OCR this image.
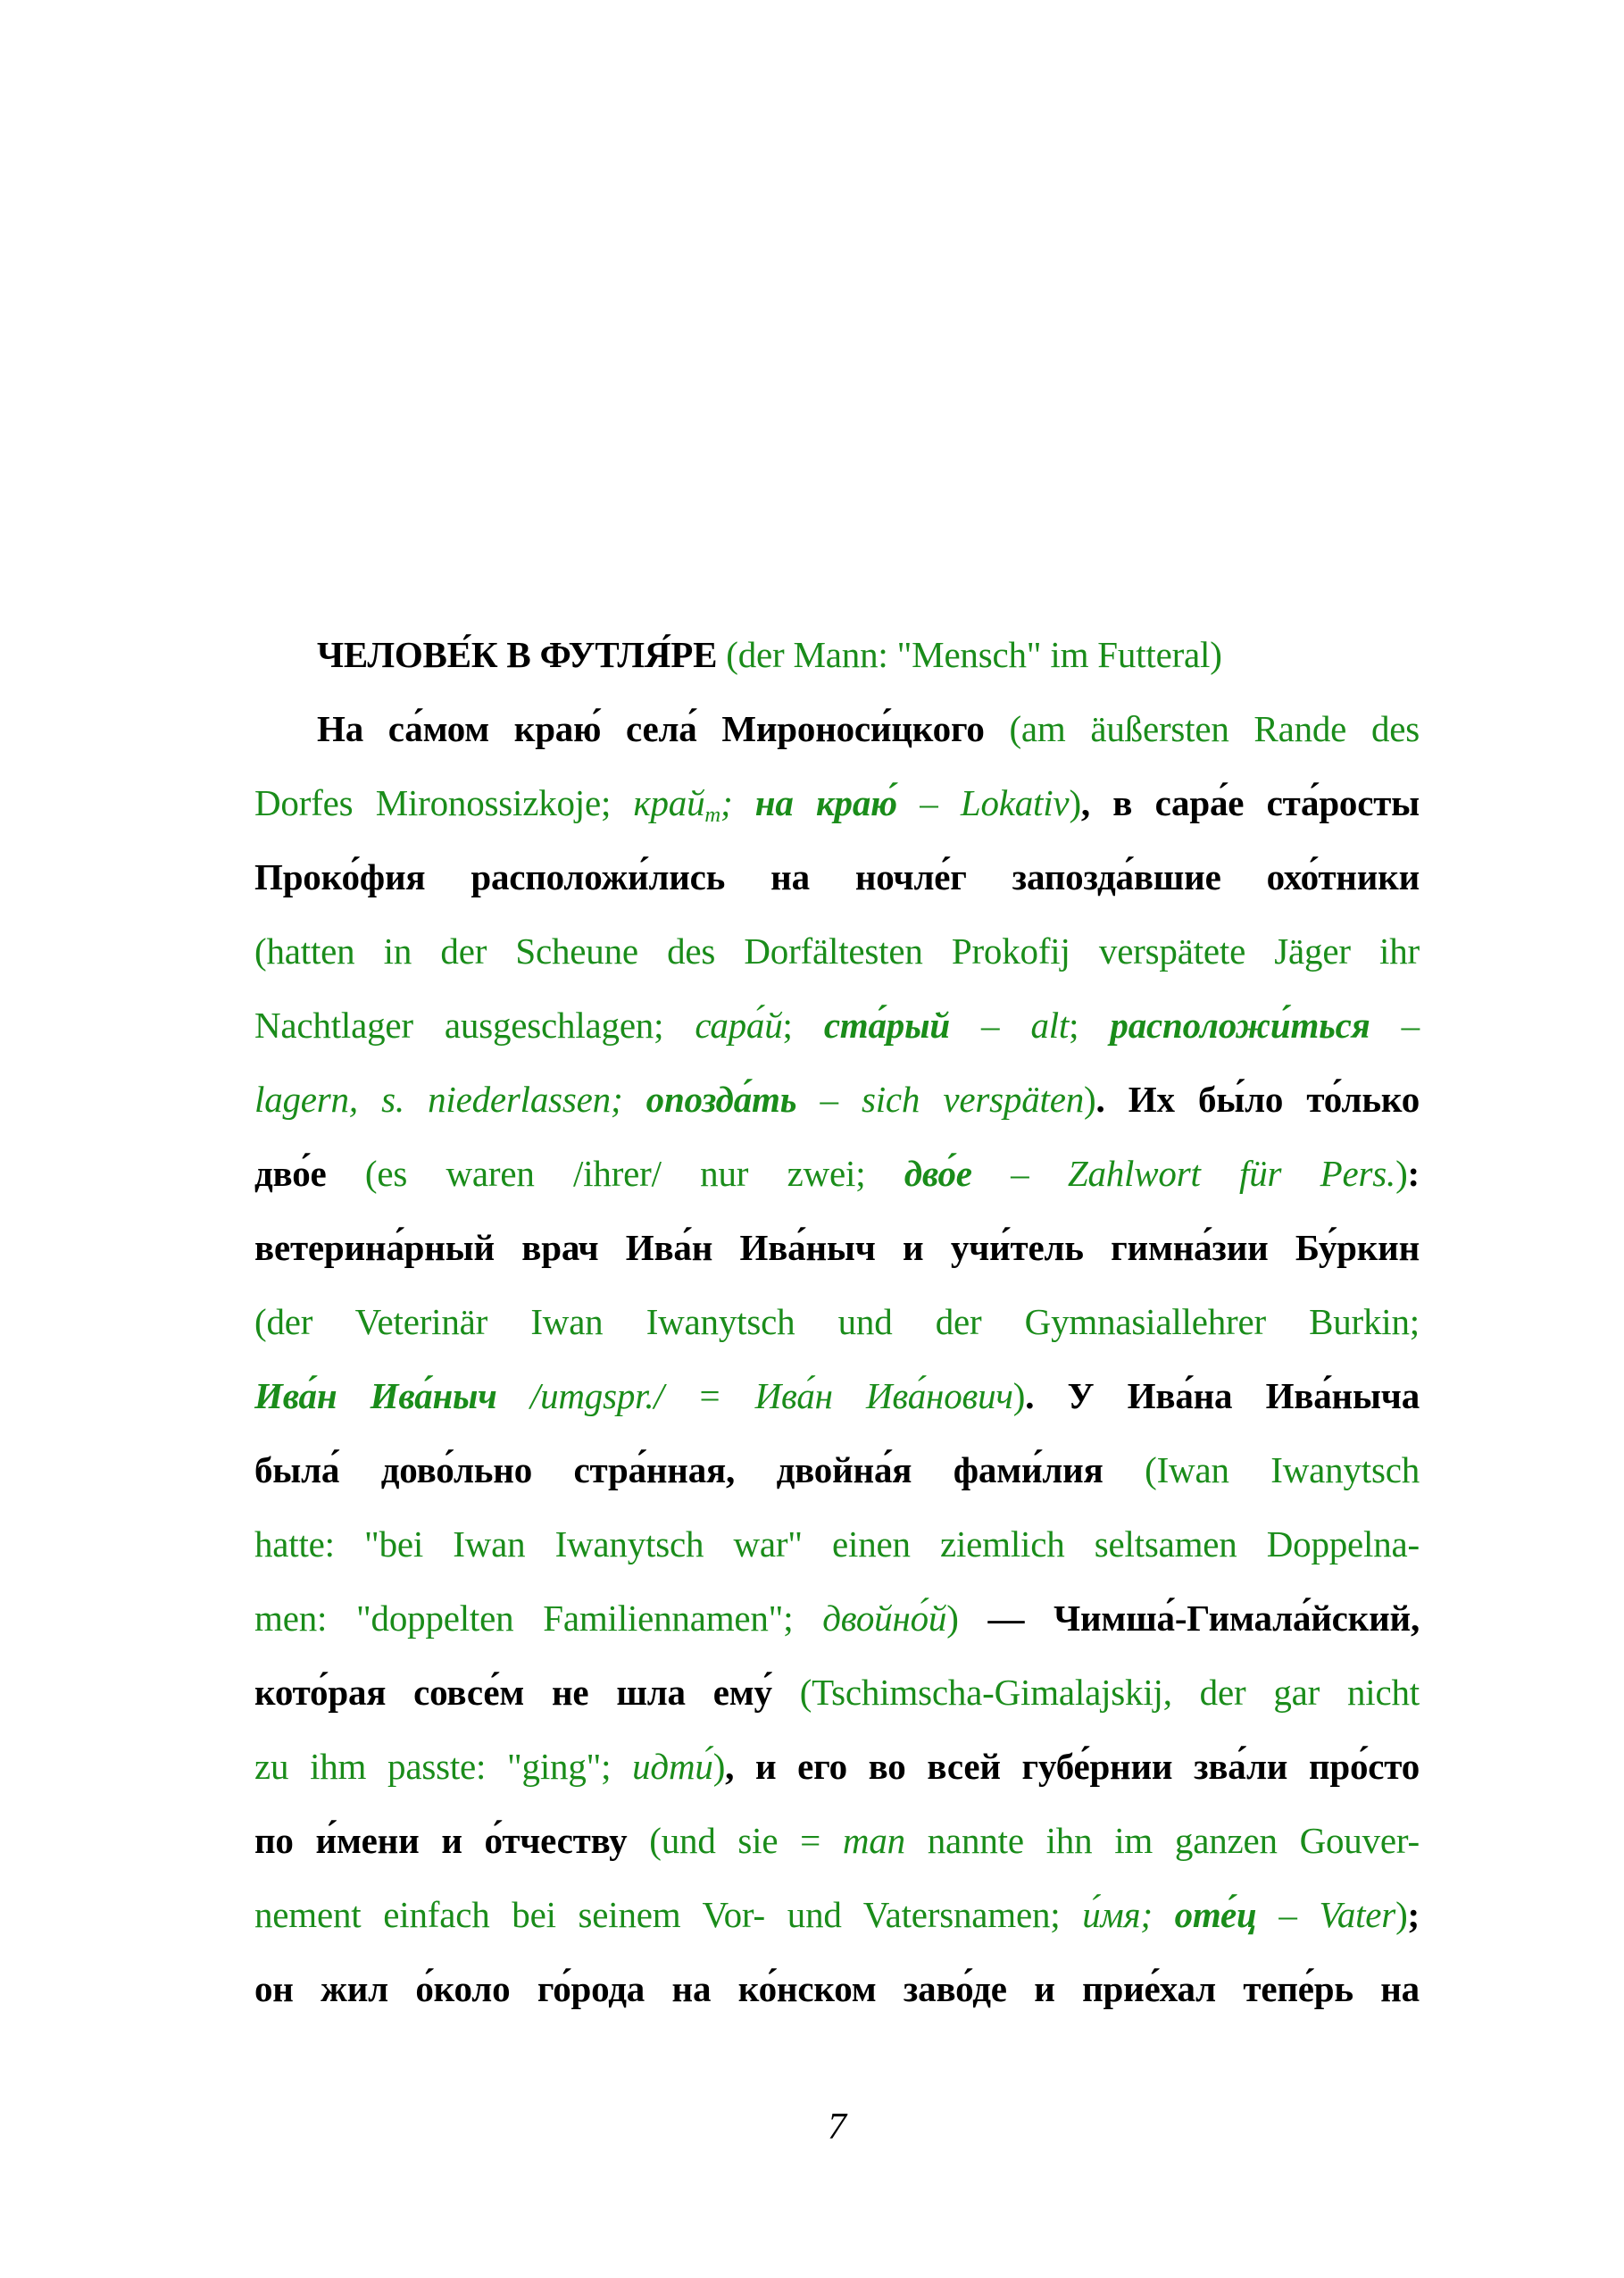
ЧЕЛОВЕ́К В ФУТЛЯ́РЕ (der Mann: "Mensch" im Futteral)
На са́мом краю́ села́ Мироноси́цкого (am äußersten Rande des
Dorfes Mironossizkoje; крайm; на краю́ – Lokativ), в сара́е ста́росты
Проко́фия расположи́лись на ночле́г запозда́вшие охо́тники
(hatten in der Scheune des Dorfältesten Prokofij verspätete Jäger ihr
Nachtlager ausgeschlagen; сара́й; ста́рый – alt; расположи́ться –
lagern, s. niederlassen; опозда́ть – sich verspäten). Их бы́ло то́лько
дво́е (es waren /ihrer/ nur zwei; дво́е – Zahlwort für Pers.):
ветерина́рный врач Ива́н Ива́ныч и учи́тель гимна́зии Бу́ркин
(der Veterinär Iwan Iwanytsch und der Gymnasiallehrer Burkin;
Ива́н Ива́ныч /umgspr./ = Ива́н Ива́нович). У Ива́на Ива́ныча
была́ дово́льно стра́нная, двойна́я фами́лия (Iwan Iwanytsch
hatte: "bei Iwan Iwanytsch war" einen ziemlich seltsamen Doppelna-
men: "doppelten Familiennamen"; двойно́й) — Чимша́-Гимала́йский,
кото́рая совсе́м не шла ему́ (Tschimscha-Gimalajskij, der gar nicht
zu ihm passte: "ging"; идти́), и его во всей губе́рнии зва́ли про́сто
по и́мени и о́тчеству (und sie = man nannte ihn im ganzen Gouver-
nement einfach bei seinem Vor- und Vatersnamen; и́мя; оте́ц – Vater);
он жил о́коло го́рода на ко́нском заво́де и прие́хал тепе́рь на
7
